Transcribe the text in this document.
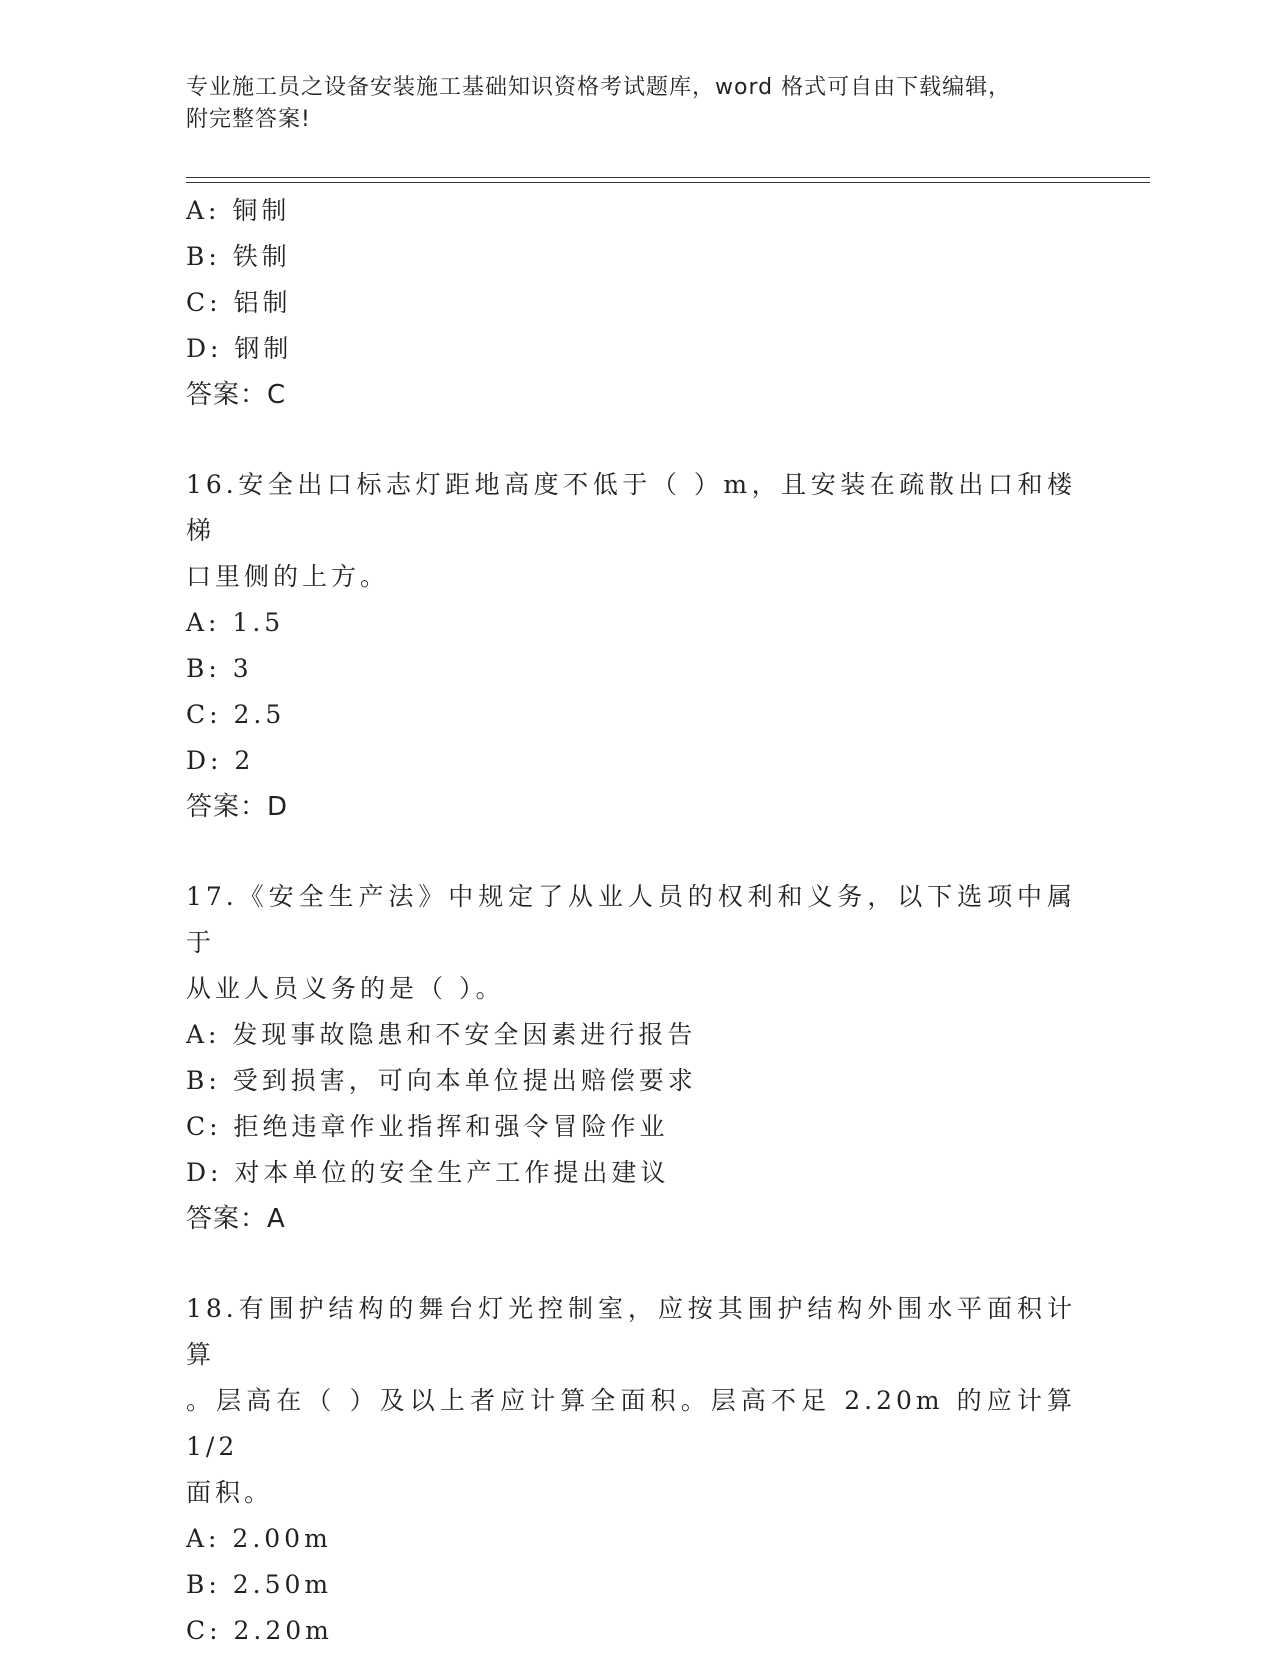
专业施工员之设备安装施工基础知识资格考试题库，word 格式可自由下载编辑，
附完整答案!
A: 铜制
B: 铁制
C: 铝制
D: 钢制
答案：C
16.安全出口标志灯距地高度不低于（ ）m，且安装在疏散出口和楼梯
口里侧的上方。
A: 1.5
B: 3
C: 2.5
D: 2
答案：D
17.《安全生产法》中规定了从业人员的权利和义务，以下选项中属于
从业人员义务的是（ ）。
A: 发现事故隐患和不安全因素进行报告
B: 受到损害，可向本单位提出赔偿要求
C: 拒绝违章作业指挥和强令冒险作业
D: 对本单位的安全生产工作提出建议
答案：A
18.有围护结构的舞台灯光控制室，应按其围护结构外围水平面积计算
。层高在（ ）及以上者应计算全面积。层高不足 2.20m 的应计算 1/2
面积。
A: 2.00m
B: 2.50m
C: 2.20m
